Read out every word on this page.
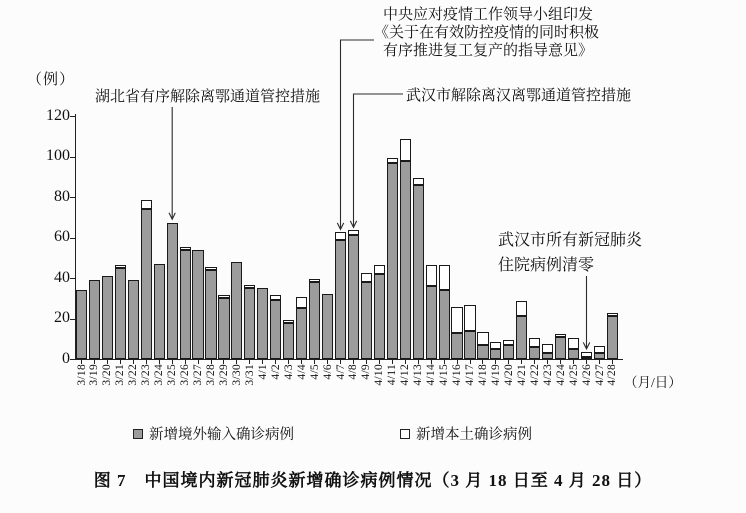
（例）
（月/日）
0
20
40
60
80
100
120
3/18 3/19 3/20 3/21 3/22 3/23 3/24 3/25 3/26 3/27 3/28 3/29 3/30 3/31 4/1 4/2 4/3 4/4 4/5 4/6 4/7 4/8 4/9 4/10 4/11 4/12 4/13 4/14 4/15 4/16 4/17 4/18 4/19 4/20 4/21 4/22 4/23 4/24 4/25 4/26 4/27 4/28
湖北省有序解除离鄂通道管控措施
中央应对疫情工作领导小组印发
《关于在有效防控疫情的同时积极
有序推进复工复产的指导意见》
武汉市解除离汉离鄂通道管控措施
武汉市所有新冠肺炎
住院病例清零
新增境外输入确诊病例	新增本土确诊病例
图 7　中国境内新冠肺炎新增确诊病例情况（3 月 18 日至 4 月 28 日）
